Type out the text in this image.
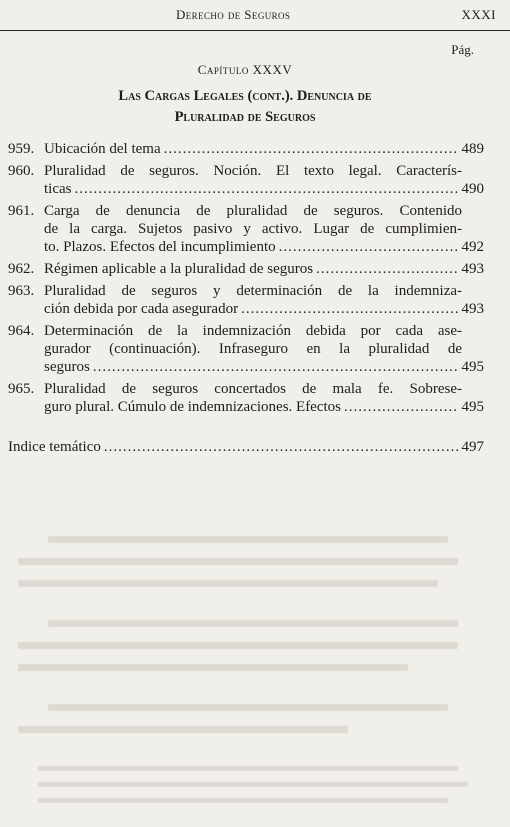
Derecho de Seguros	XXXI
Pág.
Capítulo XXXV
Las Cargas Legales (cont.). Denuncia de
Pluralidad de Seguros
959. Ubicación del tema .....	489
960. Pluralidad de seguros. Noción. El texto legal. Caracterís-
ticas .....	490
961. Carga de denuncia de pluralidad de seguros. Contenido
de la carga. Sujetos pasivo y activo. Lugar de cumplimien-
to. Plazos. Efectos del incumplimiento .....	492
962. Régimen aplicable a la pluralidad de seguros .....	493
963. Pluralidad de seguros y determinación de la indemniza-
ción debida por cada asegurador .....	493
964. Determinación de la indemnización debida por cada ase-
gurador (continuación). Infraseguro en la pluralidad de
seguros .....	495
965. Pluralidad de seguros concertados de mala fe. Sobrese-
guro plural. Cúmulo de indemnizaciones. Efectos .....	495
Indice temático .....	497
